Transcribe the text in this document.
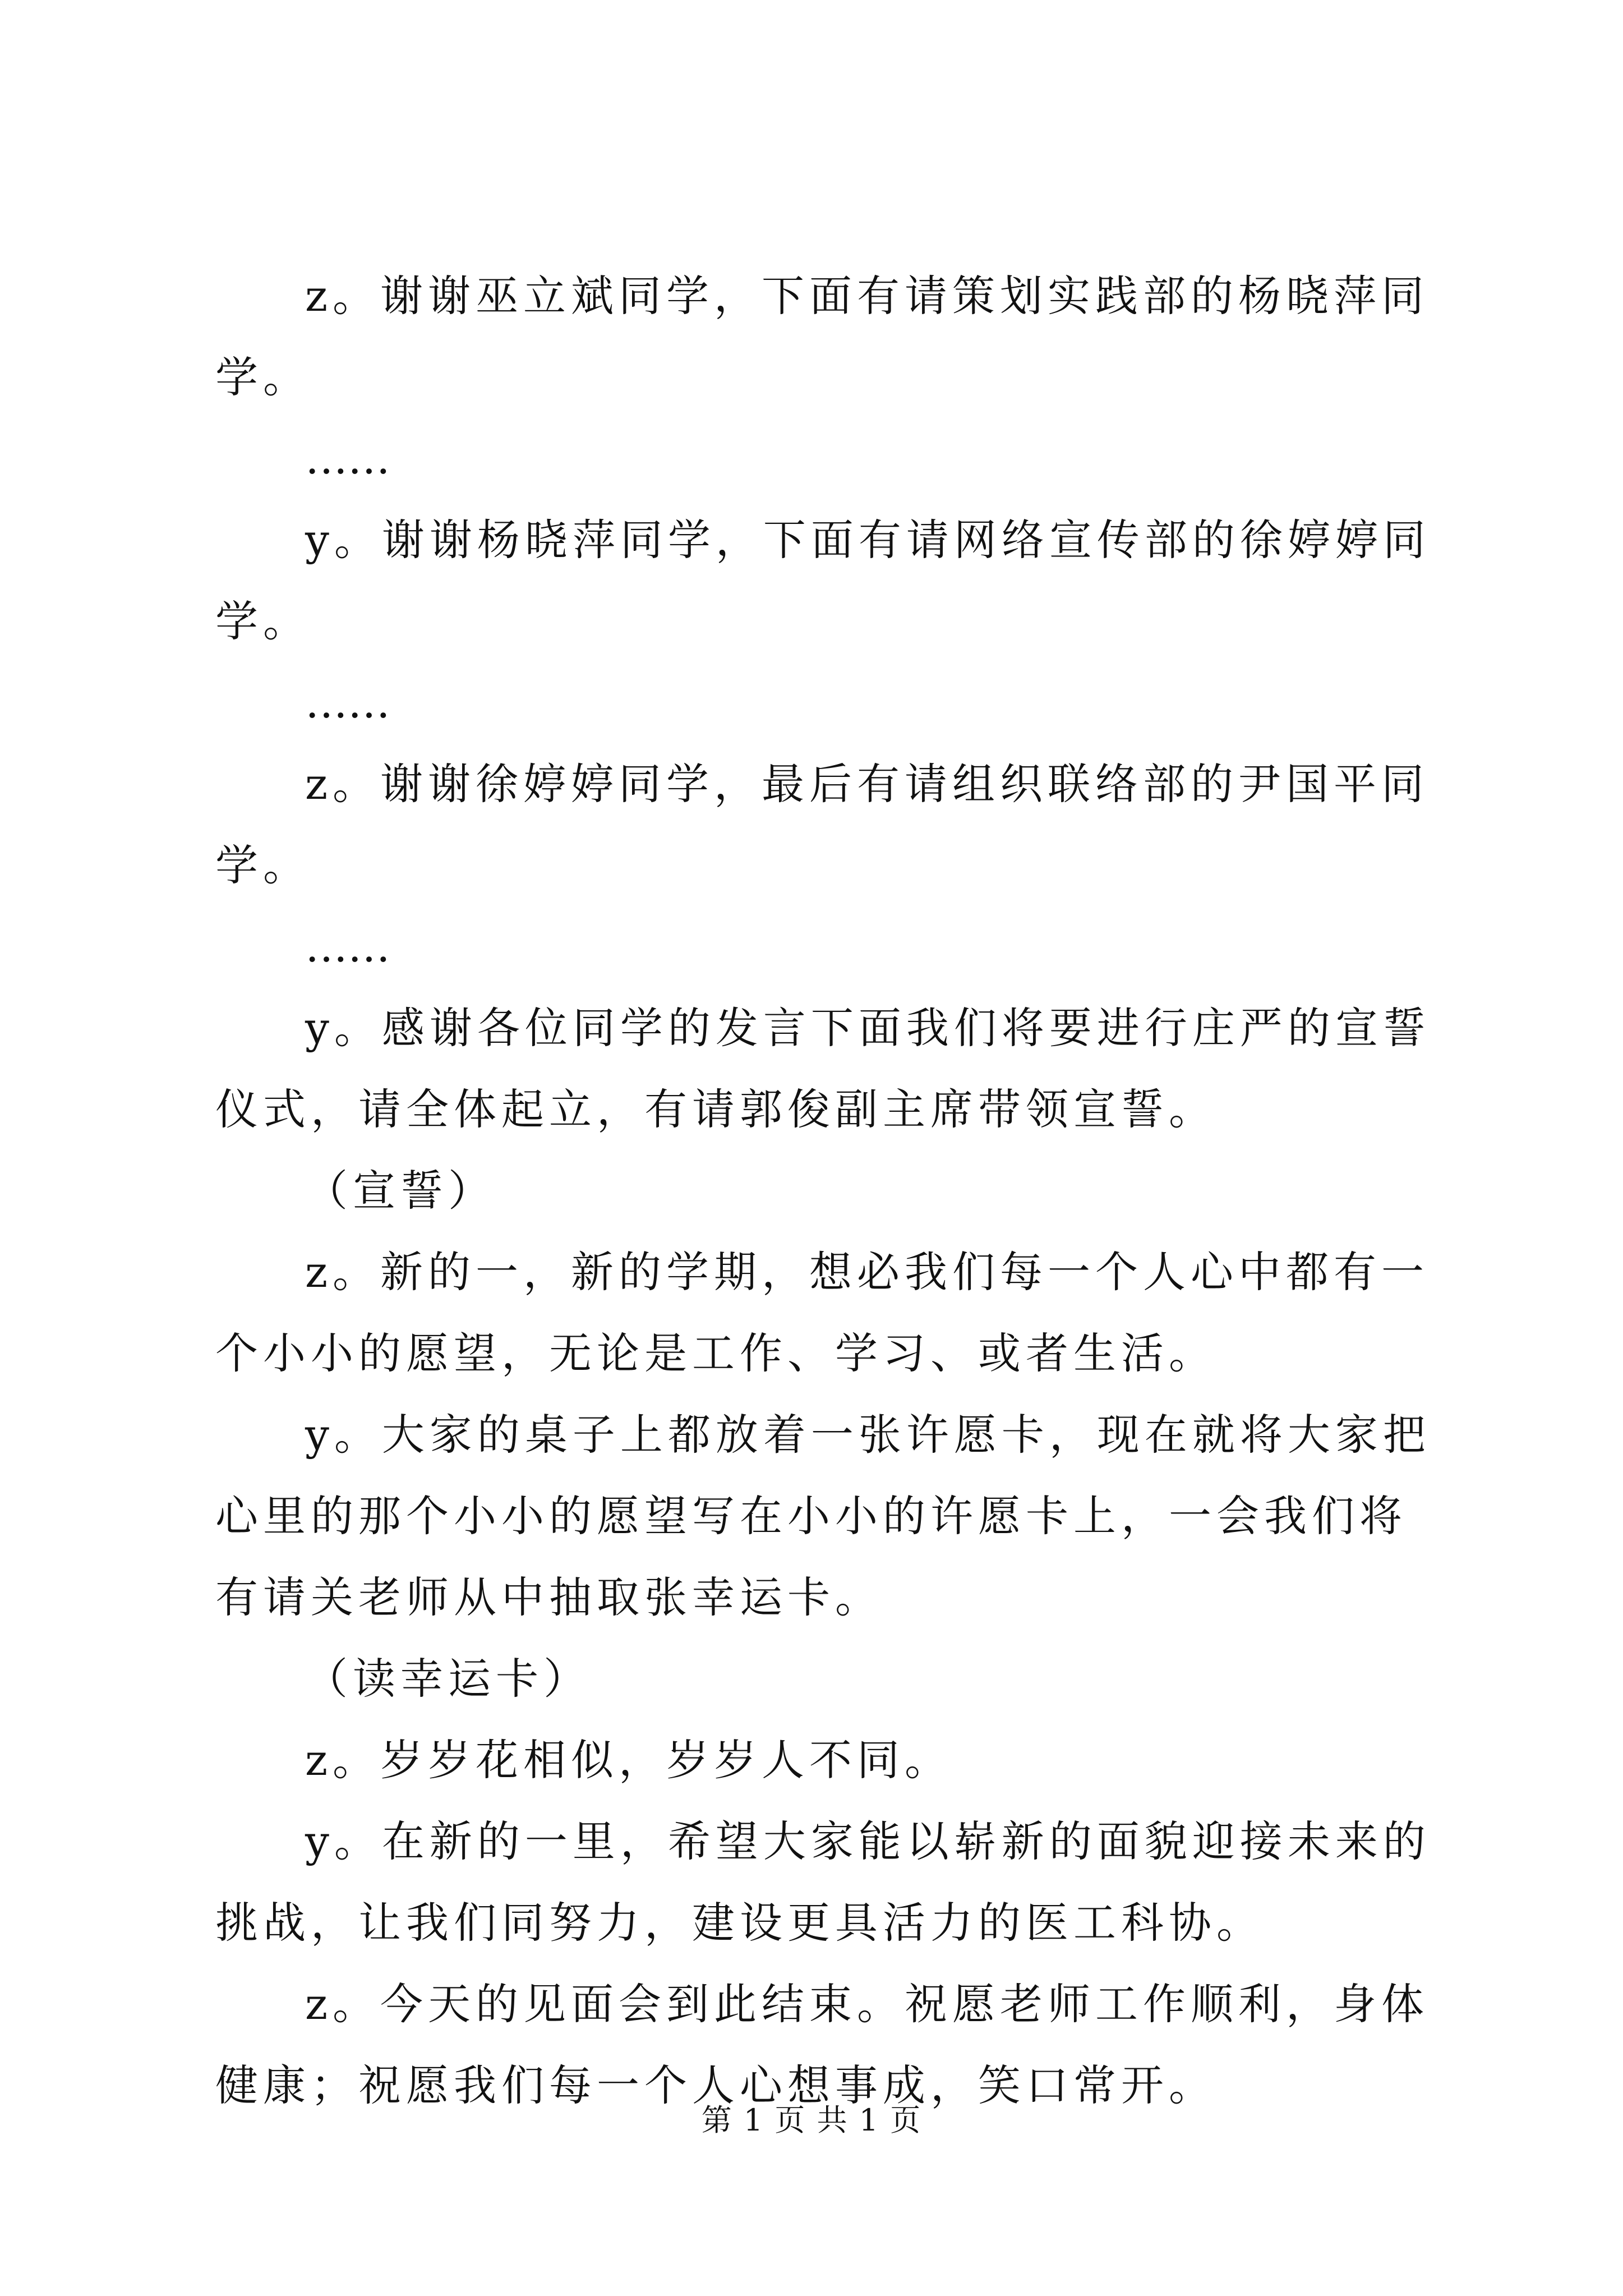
z。谢谢巫立斌同学，下面有请策划实践部的杨晓萍同学。

……

y。谢谢杨晓萍同学，下面有请网络宣传部的徐婷婷同学。

……

z。谢谢徐婷婷同学，最后有请组织联络部的尹国平同学。

……

y。感谢各位同学的发言下面我们将要进行庄严的宣誓仪式，请全体起立，有请郭俊副主席带领宣誓。

（宣誓）

z。新的一，新的学期，想必我们每一个人心中都有一个小小的愿望，无论是工作、学习、或者生活。

y。大家的桌子上都放着一张许愿卡，现在就将大家把心里的那个小小的愿望写在小小的许愿卡上，一会我们将有请关老师从中抽取张幸运卡。

（读幸运卡）

z。岁岁花相似，岁岁人不同。

y。在新的一里，希望大家能以崭新的面貌迎接未来的挑战，让我们同努力，建设更具活力的医工科协。

z。今天的见面会到此结束。祝愿老师工作顺利，身体健康；祝愿我们每一个人心想事成，笑口常开。

第 1 页 共 1 页
